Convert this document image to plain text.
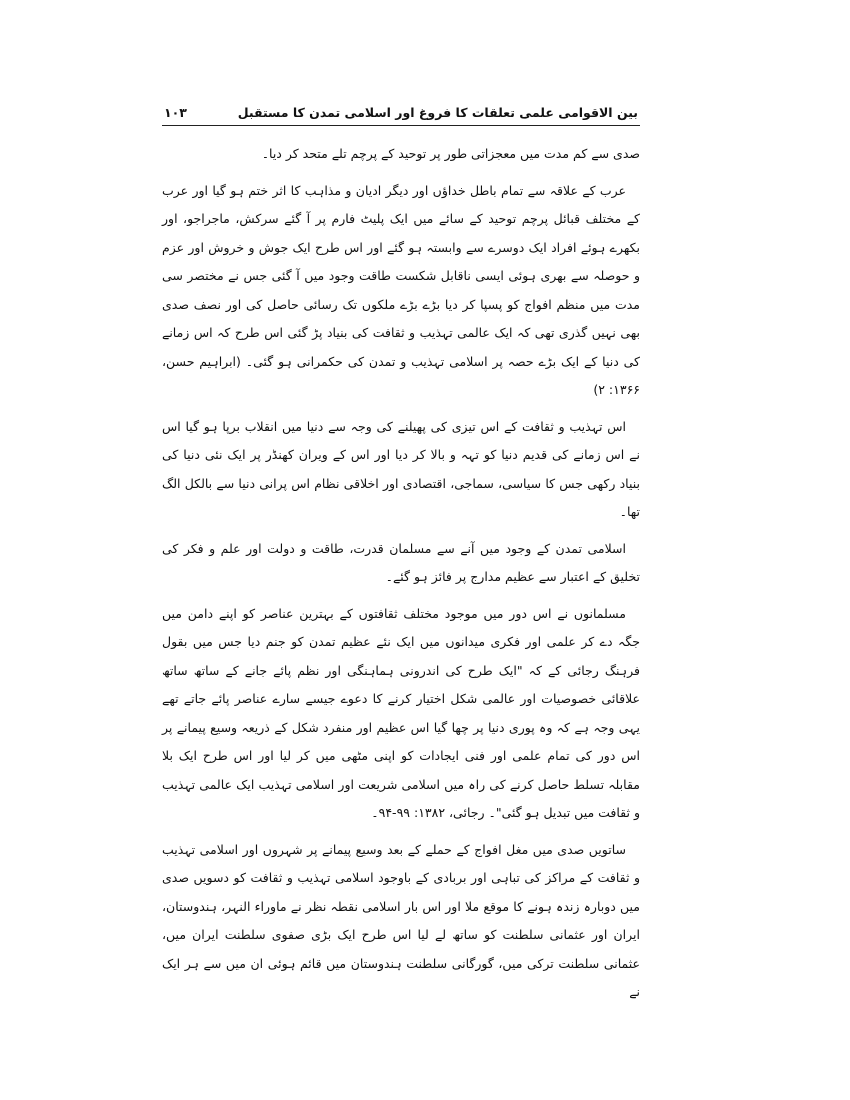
بین الاقوامی علمی تعلقات کا فروغ اور اسلامی تمدن کا مستقبل
۱۰۳

صدی سے کم مدت میں معجزاتی طور پر توحید کے پرچم تلے متحد کر دیا۔

عرب کے علاقہ سے تمام باطل خداؤں اور دیگر ادیان و مذاہب کا اثر ختم ہو گیا اور عرب کے مختلف قبائل پرچم توحید کے سائے میں ایک پلیٹ فارم پر آ گئے سرکش، ماجراجو، اور بکھرے ہوئے افراد ایک دوسرے سے وابستہ ہو گئے اور اس طرح ایک جوش و خروش اور عزم و حوصلہ سے بھری ہوئی ایسی ناقابل شکست طاقت وجود میں آ گئی جس نے مختصر سی مدت میں منظم افواج کو پسپا کر دیا بڑے بڑے ملکوں تک رسائی حاصل کی اور نصف صدی بھی نہیں گذری تھی کہ ایک عالمی تہذیب و ثقافت کی بنیاد پڑ گئی اس طرح کہ اس زمانے کی دنیا کے ایک بڑے حصہ پر اسلامی تہذیب و تمدن کی حکمرانی ہو گئی۔ (ابراہیم حسن، ۱۳۶۶: ۲)

اس تہذیب و ثقافت کے اس تیزی کی پھیلنے کی وجہ سے دنیا میں انقلاب برپا ہو گیا اس نے اس زمانے کی قدیم دنیا کو تہہ و بالا کر دیا اور اس کے ویران کھنڈر پر ایک نئی دنیا کی بنیاد رکھی جس کا سیاسی، سماجی، اقتصادی اور اخلاقی نظام اس پرانی دنیا سے بالکل الگ تھا۔

اسلامی تمدن کے وجود میں آنے سے مسلمان قدرت، طاقت و دولت اور علم و فکر کی تخلیق کے اعتبار سے عظیم مدارج پر فائز ہو گئے۔

مسلمانوں نے اس دور میں موجود مختلف ثقافتوں کے بہترین عناصر کو اپنے دامن میں جگہ دے کر علمی اور فکری میدانوں میں ایک نئے عظیم تمدن کو جنم دیا جس میں بقول فرہنگ رجائی کے کہ "ایک طرح کی اندرونی ہماہنگی اور نظم پائے جانے کے ساتھ ساتھ علاقائی خصوصیات اور عالمی شکل اختیار کرنے کا دعوے جیسے سارے عناصر پائے جاتے تھے یہی وجہ ہے کہ وہ پوری دنیا پر چھا گیا اس عظیم اور منفرد شکل کے ذریعہ وسیع پیمانے پر اس دور کی تمام علمی اور فنی ایجادات کو اپنی مٹھی میں کر لیا اور اس طرح ایک بلا مقابلہ تسلط حاصل کرنے کی راہ میں اسلامی شریعت اور اسلامی تہذیب ایک عالمی تہذیب و ثقافت میں تبدیل ہو گئی"۔ رجائی، ۱۳۸۲: ۹۹-۹۴۔

ساتویں صدی میں مغل افواج کے حملے کے بعد وسیع پیمانے پر شہروں اور اسلامی تہذیب و ثقافت کے مراکز کی تباہی اور بربادی کے باوجود اسلامی تہذیب و ثقافت کو دسویں صدی میں دوبارہ زندہ ہونے کا موقع ملا اور اس بار اسلامی نقطہ نظر نے ماوراء النہر، ہندوستان، ایران اور عثمانی سلطنت کو ساتھ لے لیا اس طرح ایک بڑی صفوی سلطنت ایران میں، عثمانی سلطنت ترکی میں، گورگانی سلطنت ہندوستان میں قائم ہوئی ان میں سے ہر ایک نے
